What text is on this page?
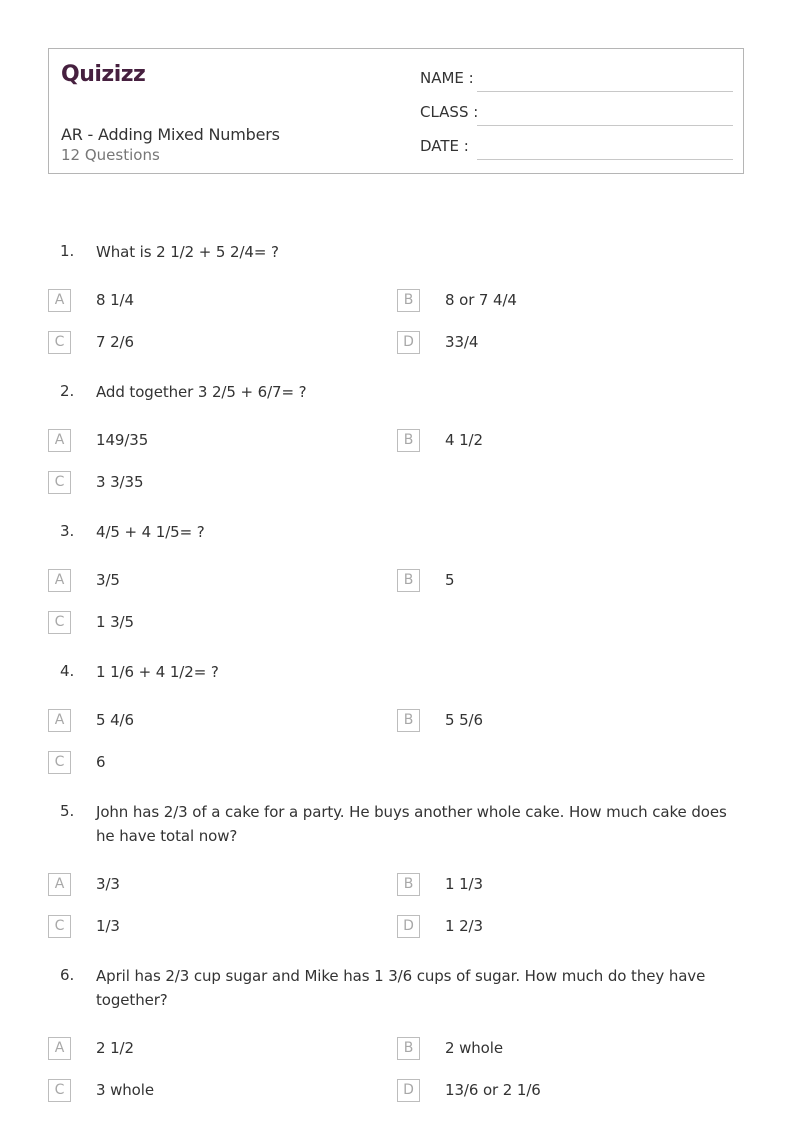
Quizizz
AR - Adding Mixed Numbers
12 Questions
NAME :
CLASS :
DATE :
1. What is 2 1/2 + 5 2/4= ?
A	8 1/4	B	8 or 7 4/4
C	7 2/6	D	33/4
2. Add together 3 2/5 + 6/7= ?
A	149/35	B	4 1/2
C	3 3/35
3. 4/5 + 4 1/5= ?
A	3/5	B	5
C	1 3/5
4. 1 1/6 + 4 1/2= ?
A	5 4/6	B	5 5/6
C	6
5. John has 2/3 of a cake for a party. He buys another whole cake. How much cake does he have total now?
A	3/3	B	1 1/3
C	1/3	D	1 2/3
6. April has 2/3 cup sugar and Mike has 1 3/6 cups of sugar. How much do they have together?
A	2 1/2	B	2 whole
C	3 whole	D	13/6 or 2 1/6
